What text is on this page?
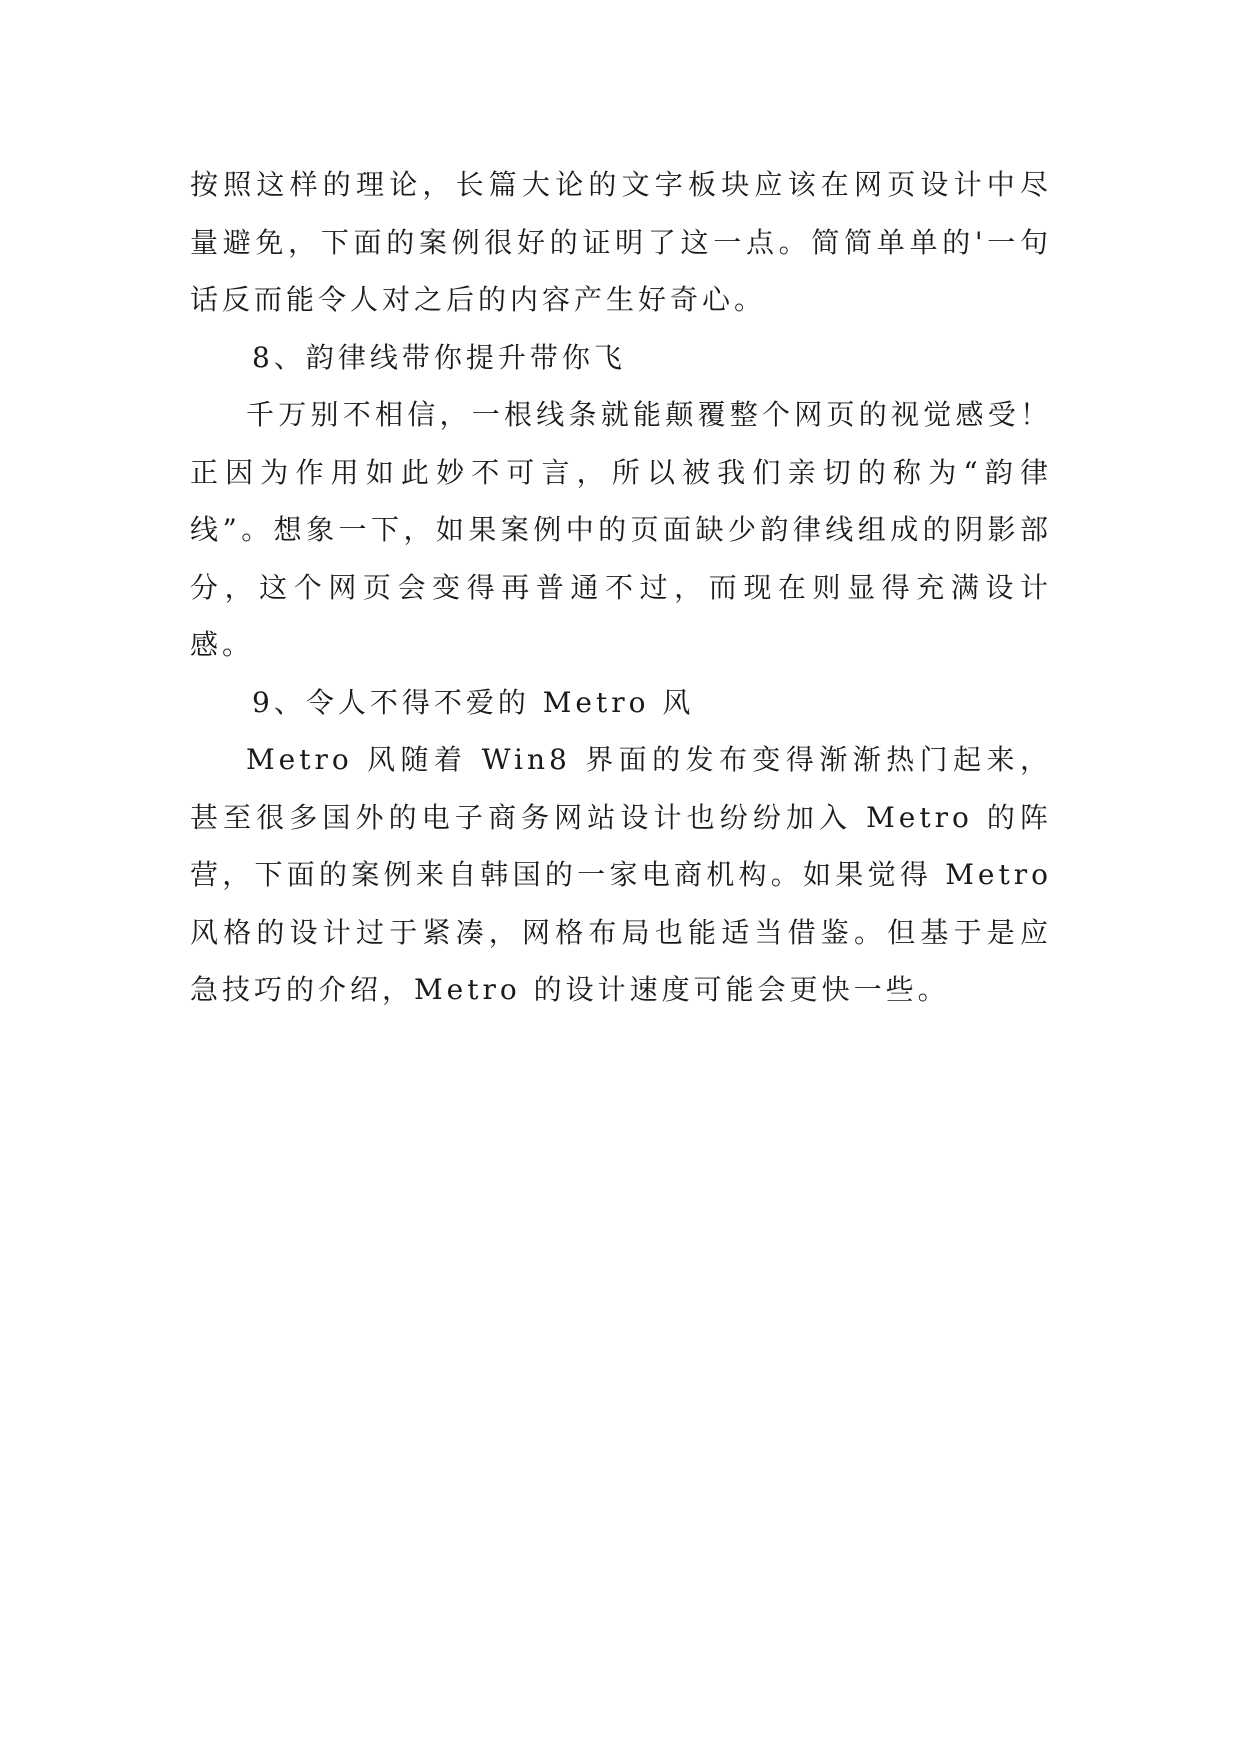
按照这样的理论，长篇大论的文字板块应该在网页设计中尽量避免，下面的案例很好的证明了这一点。简简单单的'一句话反而能令人对之后的内容产生好奇心。

8、韵律线带你提升带你飞

千万别不相信，一根线条就能颠覆整个网页的视觉感受！正因为作用如此妙不可言，所以被我们亲切的称为“韵律线”。想象一下，如果案例中的页面缺少韵律线组成的阴影部分，这个网页会变得再普通不过，而现在则显得充满设计感。

9、令人不得不爱的 Metro 风

Metro 风随着 Win8 界面的发布变得渐渐热门起来，甚至很多国外的电子商务网站设计也纷纷加入 Metro 的阵营，下面的案例来自韩国的一家电商机构。如果觉得 Metro 风格的设计过于紧凑，网格布局也能适当借鉴。但基于是应急技巧的介绍，Metro 的设计速度可能会更快一些。
